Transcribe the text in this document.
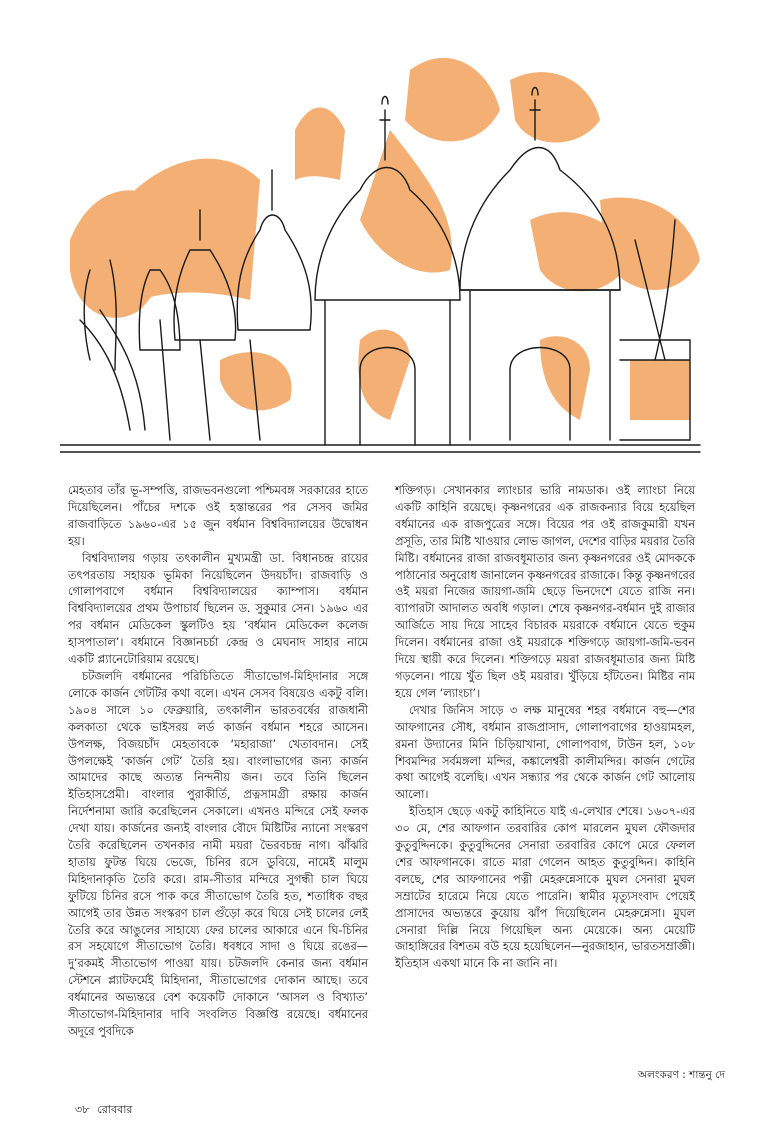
মেহতাব তাঁর ভূ-সম্পত্তি, রাজভবনগুলো পশ্চিমবঙ্গ সরকারের হাতে দিয়েছিলেন। পাঁচের দশকে ওই হস্তান্তরের পর সেসব জমির রাজবাড়িতে ১৯৬০-এর ১৫ জুন বর্ধমান বিশ্ববিদ্যালয়ের উদ্বোধন হয়।

বিশ্ববিদ্যালয় গড়ায় তৎকালীন মুখ্যমন্ত্রী ডা. বিধানচন্দ্র রায়ের তৎপরতায় সহায়ক ভূমিকা নিয়েছিলেন উদয়চাঁদ। রাজবাড়ি ও গোলাপবাগে বর্ধমান বিশ্ববিদ্যালয়ের ক্যাম্পাস। বর্ধমান বিশ্ববিদ্যালয়ের প্রথম উপাচার্য ছিলেন ড. সুকুমার সেন। ১৯৬০ এর পর বর্ধমান মেডিকেল স্কুলটিও হয় ‘বর্ধমান মেডিকেল কলেজ হাসপাতাল’। বর্ধমানে বিজ্ঞানচর্চা কেন্দ্র ও মেঘনাদ সাহার নামে একটি প্ল্যানেটোরিয়াম রয়েছে।

চটজলদি বর্ধমানের পরিচিতিতে সীতাভোগ-মিহিদানার সঙ্গে লোকে কার্জন গেটটির কথা বলে। এখন সেসব বিষয়েও একটু বলি। ১৯০৪ সালে ১০ ফেব্রুয়ারি, তৎকালীন ভারতবর্ষের রাজধানী কলকাতা থেকে ভাইসরয় লর্ড কার্জন বর্ধমান শহরে আসেন। উপলক্ষ, বিজয়চাঁদ মেহতাবকে ‘মহারাজা’ খেতাবদান। সেই উপলক্ষেই ‘কার্জন গেট’ তৈরি হয়। বাংলাভাগের জন্য কার্জন আমাদের কাছে অত্যন্ত নিন্দনীয় জন। তবে তিনি ছিলেন ইতিহাসপ্রেমী। বাংলার পুরাকীর্তি, প্রত্নসামগ্রী রক্ষায় কার্জন নির্দেশনামা জারি করেছিলেন সেকালে। এখনও মন্দিরে সেই ফলক দেখা যায়। কার্জনের জন্যই বাংলার বৌদে মিষ্টিটির ন্যানো সংস্করণ তৈরি করেছিলেন তখনকার নামী ময়রা ভৈরবচন্দ্র নাগ। ঝাঁঝরি হাতায় ফুটন্ত ঘিয়ে ভেজে, চিনির রসে ডুবিয়ে, নামেই মালুম মিহিদানাকৃতি তৈরি করে। রাম-সীতার মন্দিরে সুগন্ধী চাল ঘিয়ে ফুটিয়ে চিনির রসে পাক করে সীতাভোগ তৈরি হত, শতাধিক বছর আগেই তার উন্নত সংস্করণ চাল গুঁড়ো করে ঘিয়ে সেই চালের লেই তৈরি করে আঙুলের সাহায্যে ফের চালের আকারে এনে ঘি-চিনির রস সহযোগে সীতাভোগ তৈরি। ধবধবে সাদা ও ঘিয়ে রঙের—দু’রকমই সীতাভোগ পাওয়া যায়। চটজলদি কেনার জন্য বর্ধমান স্টেশনে প্ল্যাটফর্মেই মিহিদানা, সীতাভোগের দোকান আছে। তবে বর্ধমানের অভ্যন্তরে বেশ কয়েকটি দোকানে ‘আসল ও বিখ্যাত’ সীতাভোগ-মিহিদানার দাবি সংবলিত বিজ্ঞপ্তি রয়েছে। বর্ধমানের অদূরে পুবদিকে

শক্তিগড়। সেখানকার ল্যাংচার ভারি নামডাক। ওই ল্যাংচা নিয়ে একটি কাহিনি রয়েছে। কৃষ্ণনগরের এক রাজকন্যার বিয়ে হয়েছিল বর্ধমানের এক রাজপুত্রের সঙ্গে। বিয়ের পর ওই রাজকুমারী যখন প্রসূতি, তার মিষ্টি খাওয়ার লোভ জাগল, দেশের বাড়ির ময়রার তৈরি মিষ্টি। বর্ধমানের রাজা রাজবধূমাতার জন্য কৃষ্ণনগরের ওই মোদককে পাঠানোর অনুরোধ জানালেন কৃষ্ণনগরের রাজাকে। কিন্তু কৃষ্ণনগরের ওই ময়রা নিজের জায়গা-জমি ছেড়ে ভিনদেশে যেতে রাজি নন। ব্যাপারটা আদালত অবধি গড়াল। শেষে কৃষ্ণনগর-বর্ধমান দুই রাজার আর্জিতে সায় দিয়ে সাহেব বিচারক ময়রাকে বর্ধমানে যেতে হুকুম দিলেন। বর্ধমানের রাজা ওই ময়রাকে শক্তিগড়ে জায়গা-জমি-ভবন দিয়ে স্থায়ী করে দিলেন। শক্তিগড়ে ময়রা রাজবধূমাতার জন্য মিষ্টি গড়লেন। পায়ে খুঁত ছিল ওই ময়রার। খুঁড়িয়ে হাঁটতেন। মিষ্টির নাম হয়ে গেল ‘ল্যাংচা’।

দেখার জিনিস সাড়ে ৩ লক্ষ মানুষের শহর বর্ধমানে বহু—শের আফগানের সৌধ, বর্ধমান রাজপ্রাসাদ, গোলাপবাগের হাওয়ামহল, রমনা উদ্যানের মিনি চিড়িয়াখানা, গোলাপবাগ, টাউন হল, ১০৮ শিবমন্দির সর্বমঙ্গলা মন্দির, কঙ্কালেশ্বরী কালীমন্দির। কার্জন গেটের কথা আগেই বলেছি। এখন সন্ধ্যার পর থেকে কার্জন গেট আলোয় আলো।

ইতিহাস ছেড়ে একটু কাহিনিতে যাই এ-লেখার শেষে। ১৬০৭-এর ৩০ মে, শের আফগান তরবারির কোপ মারলেন মুঘল ফৌজদার কুতুবুদ্দিনকে। কুতুবুদ্দিনের সেনারা তরবারির কোপে মেরে ফেলল শের আফগানকে। রাতে মারা গেলেন আহত কুতুবুদ্দিন। কাহিনি বলছে, শের আফগানের পত্নী মেহরুন্নেসাকে মুঘল সেনারা মুঘল সম্রাটের হারেমে নিয়ে যেতে পারেনি। স্বামীর মৃত্যুসংবাদ পেয়েই প্রাসাদের অভ্যন্তরে কুয়োয় ঝাঁপ দিয়েছিলেন মেহরুন্নেসা। মুঘল সেনারা দিল্লি নিয়ে গিয়েছিল অন্য মেয়েকে। অন্য মেয়েটি জাহাঙ্গিরের বিশতম বউ হয়ে হয়েছিলেন—নুরজাহান, ভারতসম্রাজ্ঞী। ইতিহাস একথা মানে কি না জানি না।

অলংকরণ : শান্তনু দে
৩৮ রোববার
